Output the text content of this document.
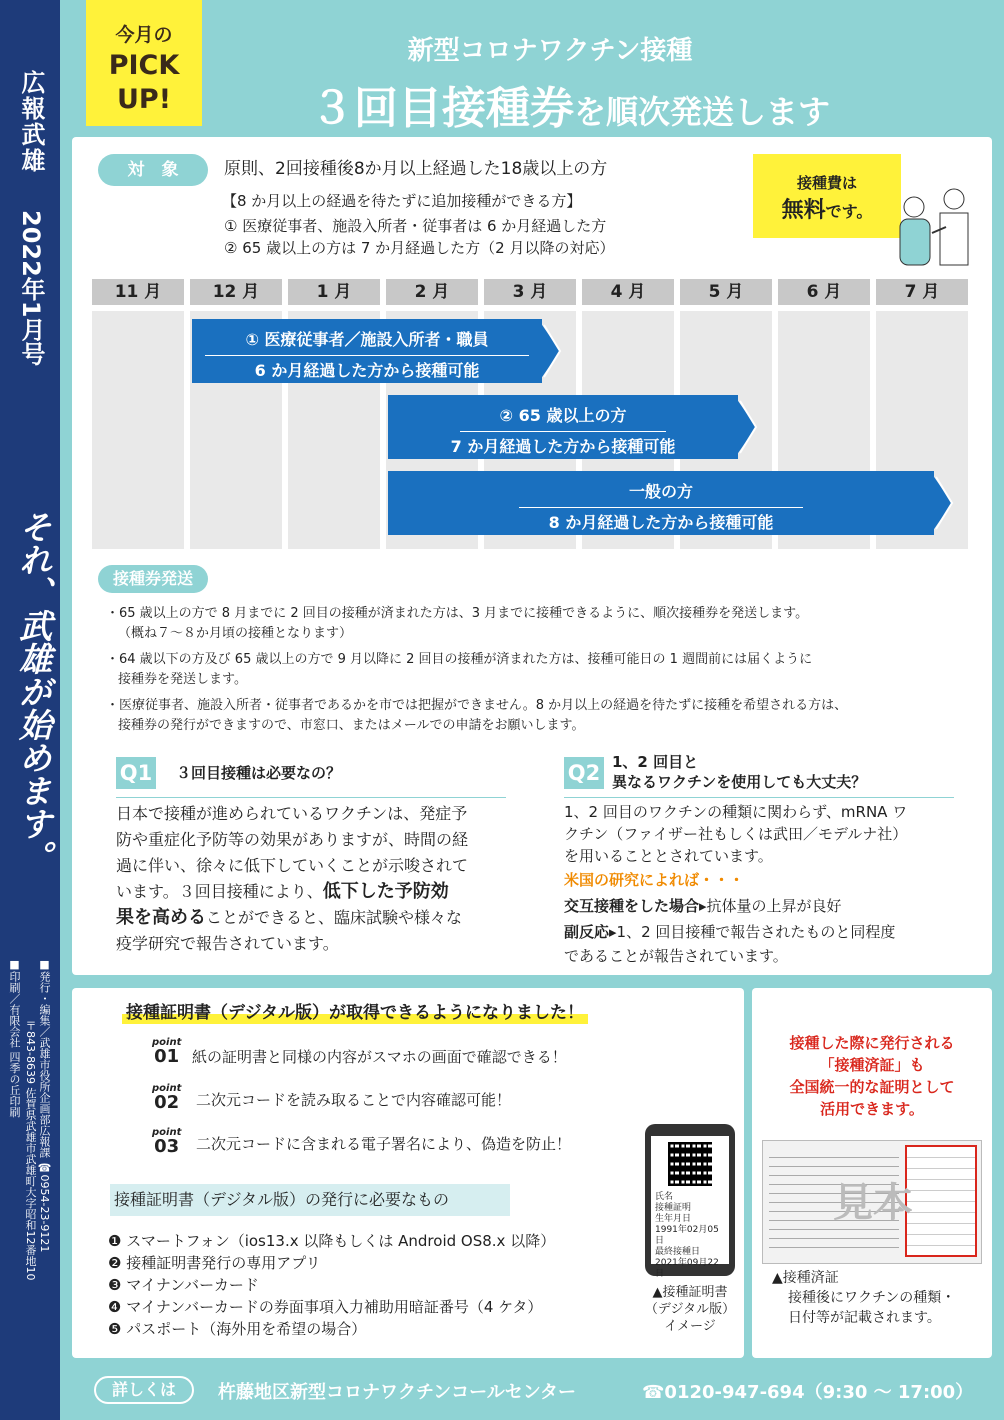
広報武雄
2022年1月号
それ、武雄が始めます。
■発行・編集／武雄市役所企画部広報課 ☎0954-23-9121
〒843-8639 佐賀県武雄市武雄町大字昭和12番地10
■印刷／有限会社 四季の丘印刷
今月の
PICK
UP!
新型コロナワクチン接種
３回目接種券を順次発送します
対　象	原則、2回接種後8か月以上経過した18歳以上の方
【8 か月以上の経過を待たずに追加接種ができる方】
① 医療従事者、施設入所者・従事者は 6 か月経過した方
② 65 歳以上の方は 7 か月経過した方（2 月以降の対応）
接種費は
無料です。
11 月	12 月	1 月	2 月	3 月	4 月	5 月	6 月	7 月
① 医療従事者／施設入所者・職員
6 か月経過した方から接種可能
② 65 歳以上の方
7 か月経過した方から接種可能
一般の方
8 か月経過した方から接種可能
接種券発送
・65 歳以上の方で 8 月までに 2 回目の接種が済まれた方は、3 月までに接種できるように、順次接種券を発送します。
（概ね７～８か月頃の接種となります）
・64 歳以下の方及び 65 歳以上の方で 9 月以降に 2 回目の接種が済まれた方は、接種可能日の 1 週間前には届くように
接種券を発送します。
・医療従事者、施設入所者・従事者であるかを市では把握ができません。8 か月以上の経過を待たずに接種を希望される方は、
接種券の発行ができますので、市窓口、またはメールでの申請をお願いします。
Q1 ３回目接種は必要なの？
日本で接種が進められているワクチンは、発症予
防や重症化予防等の効果がありますが、時間の経
過に伴い、徐々に低下していくことが示唆されて
います。３回目接種により、低下した予防効
果を高めることができると、臨床試験や様々な
疫学研究で報告されています。
Q2 1、2 回目と
異なるワクチンを使用しても大丈夫？
1、2 回目のワクチンの種類に関わらず、mRNA ワ
クチン（ファイザー社もしくは武田／モデルナ社）
を用いることとされています。
米国の研究によれば・・・
交互接種をした場合▸抗体量の上昇が良好
副反応▸1、2 回目接種で報告されたものと同程度
であることが報告されています。
接種証明書（デジタル版）が取得できるようになりました！
point
01 紙の証明書と同様の内容がスマホの画面で確認できる！
point
02 二次元コードを読み取ることで内容確認可能！
point
03 二次元コードに含まれる電子署名により、偽造を防止！
接種証明書（デジタル版）の発行に必要なもの
❶ スマートフォン（ios13.x 以降もしくは Android OS8.x 以降）
❷ 接種証明書発行の専用アプリ
❸ マイナンバーカード
❹ マイナンバーカードの券面事項入力補助用暗証番号（4 ケタ）
❺ パスポート（海外用を希望の場合）
氏名
接種証明
生年月日
1991年02月05日
最終接種日
2021年09月22日
▲接種証明書
（デジタル版）
イメージ
接種した際に発行される
「接種済証」も
全国統一的な証明として
活用できます。
見本
▲接種済証
接種後にワクチンの種類・
日付等が記載されます。
詳しくは	杵藤地区新型コロナワクチンコールセンター	☎0120-947-694（9:30 ～ 17:00）
